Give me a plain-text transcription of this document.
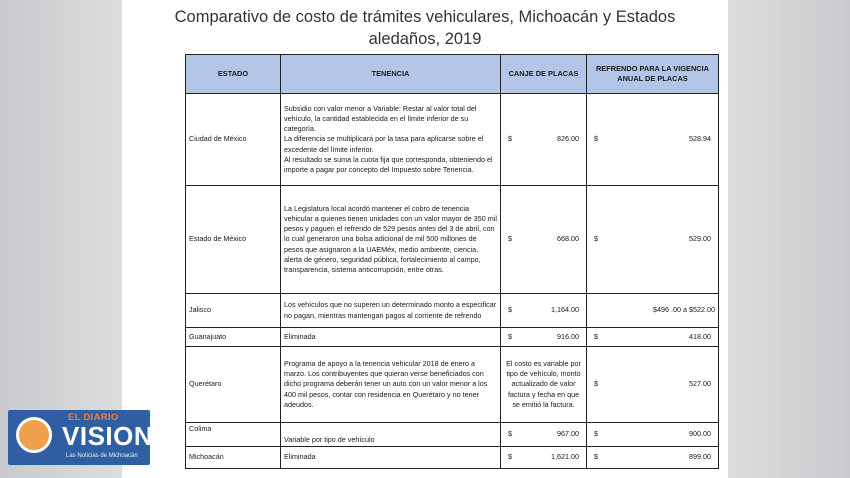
Comparativo de costo de trámites vehiculares, Michoacán y Estados
aledaños, 2019
ESTADO	TENENCIA	CANJE DE PLACAS	REFRENDO PARA LA VIGENCIA ANUAL DE PLACAS
Ciudad de México	Subsidio con valor menor a Variable: Restar al valor total del vehículo, la cantidad establecida en el límite inferior de su categoría.
La diferencia se multiplicará por la tasa para aplicarse sobre el excedente del límite inferior.
Al resultado se suma la cuota fija que corresponda, obteniendo el importe a pagar por concepto del Impuesto sobre Tenencia.	$ 826.00	$ 528.94

Estado de México	La Legislatura local acordó mantener el cobro de tenencia vehicular a quienes tienen unidades con un valor mayor de 350 mil pesos y paguen el refrendo de 529 pesos antes del 3 de abril, con lo cual generaron una bolsa adicional de mil 500 millones de pesos que asignaron a la UAEMéx, medio ambiente, ciencia, alerta de género, seguridad pública, fortalecimiento al campo, transparencia, sistema anticorrupción, entre otras.	$ 668.00	$ 529.00

Jalisco	Los vehículos que no superen un determinado monto a especificar no pagan, mientras mantengan pagos al corriente de refrendo	$ 1,164.00	$496 .00 a $522.00
Guanajuato	Eliminada	$ 916.00	$ 418.00

Querétaro	Programa de apoyo a la tenencia vehicular 2018 de enero a marzo. Los contribuyentes que quieran verse beneficiados con dicho programa deberán tener un auto con un valor menor a los 400 mil pesos, contar con residencia en Querétaro y no tener adeudos.	El costo es variable por tipo de vehículo, monto actualizado de valor factura y fecha en que se emitió la factura.	$ 527.00

Colima	Variable por tipo de vehículo	$ 967.00	$ 900.00

Michoacán	Eliminada	$ 1,621.00	$ 899.00
EL DIARIO
VISION
Las Noticias de Michoacán
